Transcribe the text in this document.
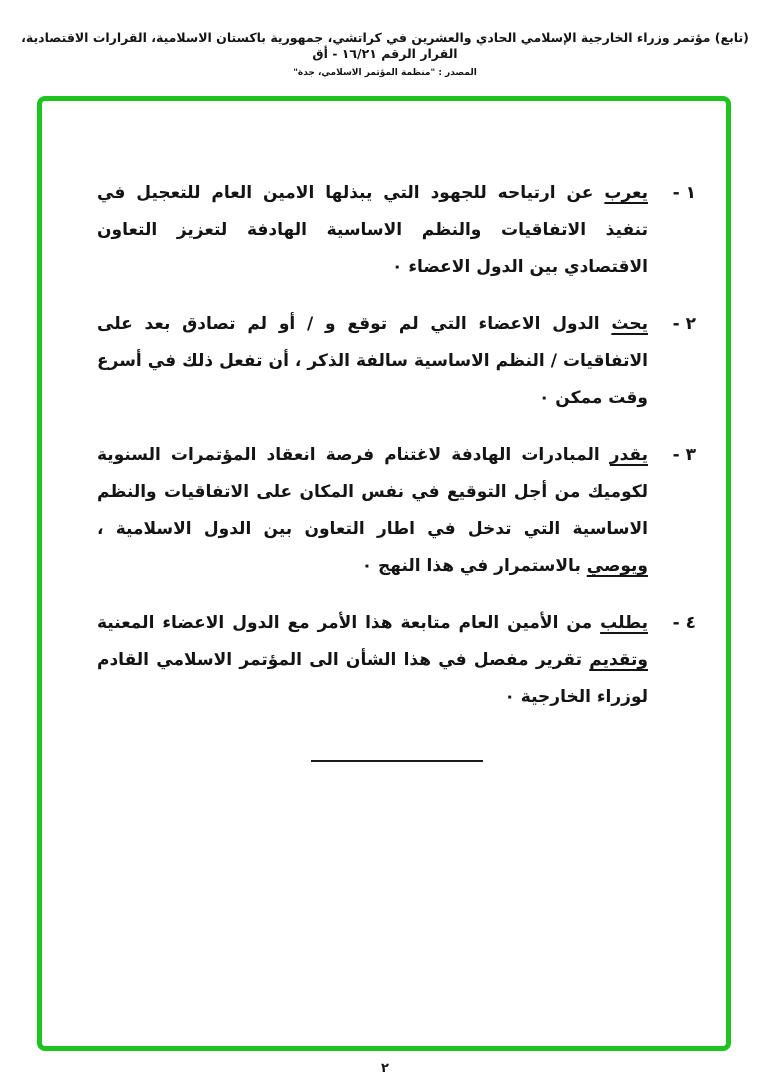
(تابع) مؤتمر وزراء الخارجية الإسلامي الحادي والعشرين في كراتشي، جمهورية باكستان الاسلامية، القرارات الاقتصادية، القرار الرقم ١٦/٢١ - أق
المصدر : "منظمة المؤتمر الاسلامي، جدة"
١ -
يعرب عن ارتياحه للجهود التي يبذلها الامين العام للتعجيل في تنفيذ الاتفاقيات والنظم الاساسية الهادفة لتعزيز التعاون الاقتصادي بين الدول الاعضاء ٠
٢ -
يحث الدول الاعضاء التي لم توقع و / أو لم تصادق بعد على الاتفاقيات / النظم الاساسية سالفة الذكر ، أن تفعل ذلك في أسرع وقت ممكن ٠
٣ -
يقدر المبادرات الهادفة لاغتنام فرصة انعقاد المؤتمرات السنوية لكوميك من أجل التوقيع في نفس المكان على الاتفاقيات والنظم الاساسية التي تدخل في اطار التعاون بين الدول الاسلامية ، ويوصي بالاستمرار في هذا النهج ٠
٤ -
يطلب من الأمين العام متابعة هذا الأمر مع الدول الاعضاء المعنية وتقديم تقرير مفصل في هذا الشأن الى المؤتمر الاسلامي القادم لوزراء الخارجية ٠
٢
